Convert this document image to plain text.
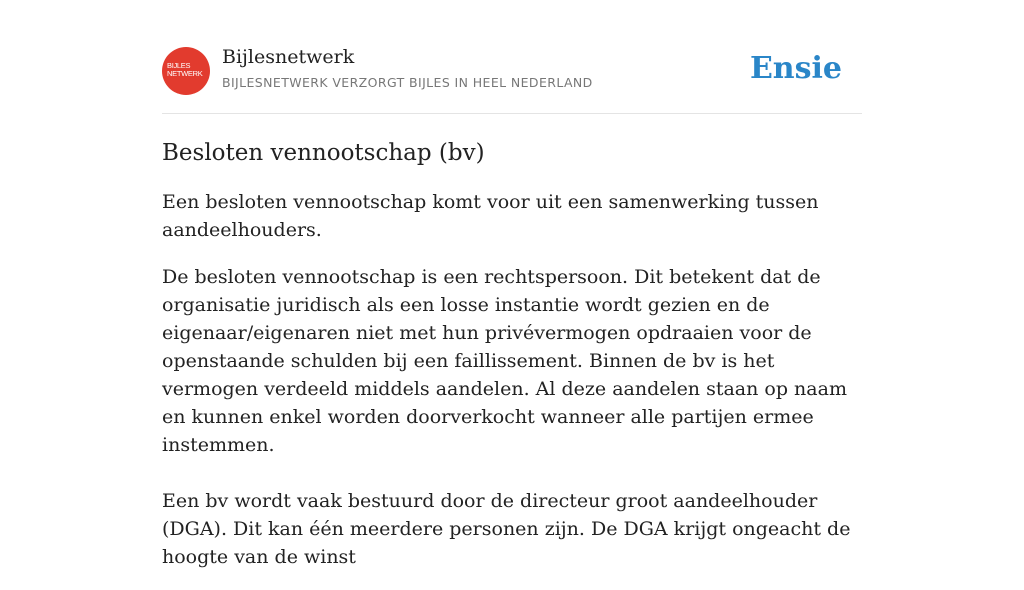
BIJLES
NETWERK
Bijlesnetwerk
BIJLESNETWERK VERZORGT BIJLES IN HEEL NEDERLAND	Ensie
Besloten vennootschap (bv)

Een besloten vennootschap komt voor uit een samenwerking tussen aandeelhouders.

De besloten vennootschap is een rechtspersoon. Dit betekent dat de organisatie juridisch als een losse instantie wordt gezien en de eigenaar/eigenaren niet met hun privévermogen opdraaien voor de openstaande schulden bij een faillissement. Binnen de bv is het vermogen verdeeld middels aandelen. Al deze aandelen staan op naam en kunnen enkel worden doorverkocht wanneer alle partijen ermee instemmen.

Een bv wordt vaak bestuurd door de directeur groot aandeelhouder (DGA). Dit kan één meerdere personen zijn. De DGA krijgt ongeacht de hoogte van de winst
